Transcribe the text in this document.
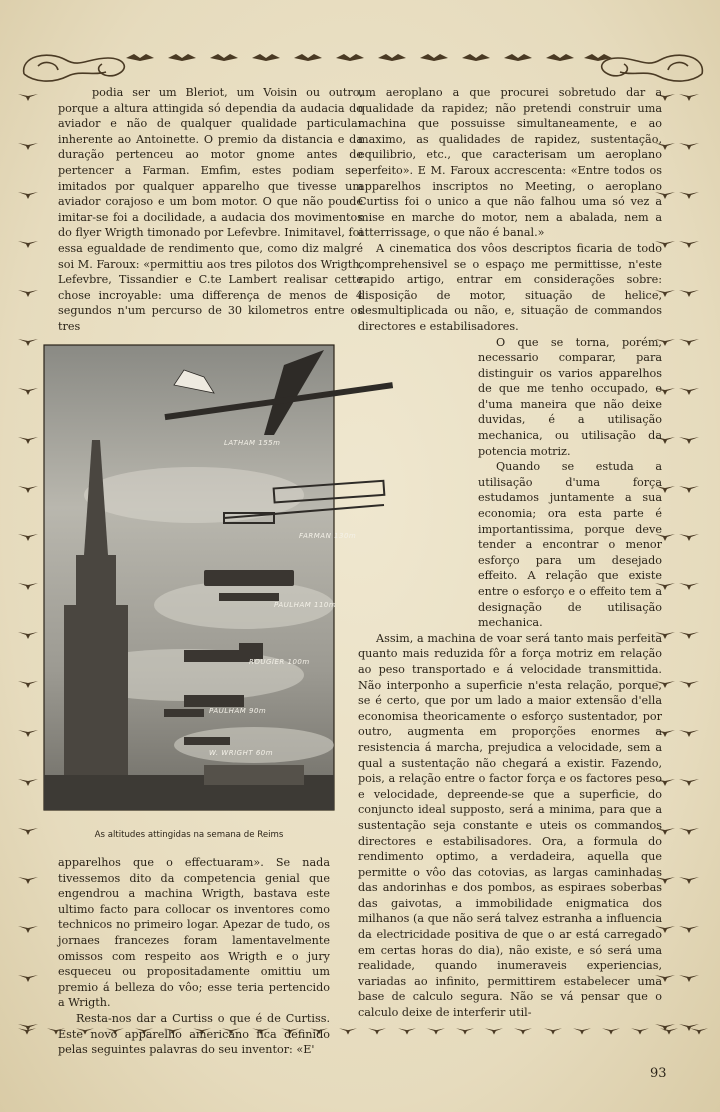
podia ser um Bleriot, um Voisin ou outro, porque a altura attingida só dependia da audacia do aviador e não de qualquer qualidade particular inherente ao Antoinette. O premio da distancia e da duração pertenceu ao motor gnome antes de pertencer a Farman. Emfim, estes podiam ser imitados por qualquer apparelho que tivesse um aviador corajoso e um bom motor. O que não poude imitar-se foi a docilidade, a audacia dos movimentos do flyer Wrigth timonado por Lefevbre. Inimitavel, foi essa egualdade de rendimento que, como diz malgré soi M. Faroux: «permittiu aos tres pilotos dos Wrigth, Lefevbre, Tissandier e C.te Lambert realisar cette chose incroyable: uma differença de menos de 4 segundos n'um percurso de 30 kilometros entre os tres

LATHAM 155m
FARMAN 130m
PAULHAM 110m
ROUGIER 100m
PAULHAM 90m
W. WRIGHT 60m
As altitudes attingidas na semana de Reims

apparelhos que o effectuaram». Se nada tivessemos dito da competencia genial que engendrou a machina Wrigth, bastava este ultimo facto para collocar os inventores como technicos no primeiro logar. Apezar de tudo, os jornaes francezes foram lamentavelmente omissos com respeito aos Wrigth e o jury esqueceu ou propositadamente omittiu um premio á belleza do vôo; esse teria pertencido a Wrigth.

Resta-nos dar a Curtiss o que é de Curtiss. Este novo apparelho americano fica definido pelas seguintes palavras do seu inventor: «E'

um aeroplano a que procurei sobretudo dar a qualidade da rapidez; não pretendi construir uma machina que possuisse simultaneamente, e ao maximo, as qualidades de rapidez, sustentação, equilibrio, etc., que caracterisam um aeroplano perfeito». E M. Faroux accrescenta: «Entre todos os apparelhos inscriptos no Meeting, o aeroplano Curtiss foi o unico a que não falhou uma só vez a mise en marche do motor, nem a abalada, nem a atterrissage, o que não é banal.»

A cinematica dos vôos descriptos ficaria de todo comprehensivel se o espaço me permittisse, n'este rapido artigo, entrar em considerações sobre: disposição de motor, situação de helice, desmultiplicada ou não, e, situação de commandos directores e estabilisadores.

O que se torna, porém, necessario comparar, para distinguir os varios apparelhos de que me tenho occupado, e d'uma maneira que não deixe duvidas, é a utilisação mechanica, ou utilisação da potencia motriz.

Quando se estuda a utilisação d'uma força estudamos juntamente a sua economia; ora esta parte é importantissima, porque deve tender a encontrar o menor esforço para um desejado effeito. A relação que existe entre o esforço e o effeito tem a designação de utilisação mechanica.

Assim, a machina de voar será tanto mais perfeita quanto mais reduzida fôr a força motriz em relação ao peso transportado e á velocidade transmittida. Não interponho a superficie n'esta relação, porque, se é certo, que por um lado a maior extensão d'ella economisa theoricamente o esforço sustentador, por outro, augmenta em proporções enormes a resistencia á marcha, prejudica a velocidade, sem a qual a sustentação não chegará a existir. Fazendo, pois, a relação entre o factor força e os factores peso e velocidade, depreende-se que a superficie, do conjuncto ideal supposto, será a minima, para que a sustentação seja constante e uteis os commandos directores e estabilisadores. Ora, a formula do rendimento optimo, a verdadeira, aquella que permitte o vôo das cotovias, as largas caminhadas das andorinhas e dos pombos, as espiraes soberbas das gaivotas, a immobilidade enigmatica dos milhanos (a que não será talvez estranha a influencia da electricidade positiva de que o ar está carregado em certas horas do dia), não existe, e só será uma realidade, quando inumeraveis experiencias, variadas ao infinito, permittirem estabelecer uma base de calculo segura. Não se vá pensar que o calculo deixe de interferir util-

93
